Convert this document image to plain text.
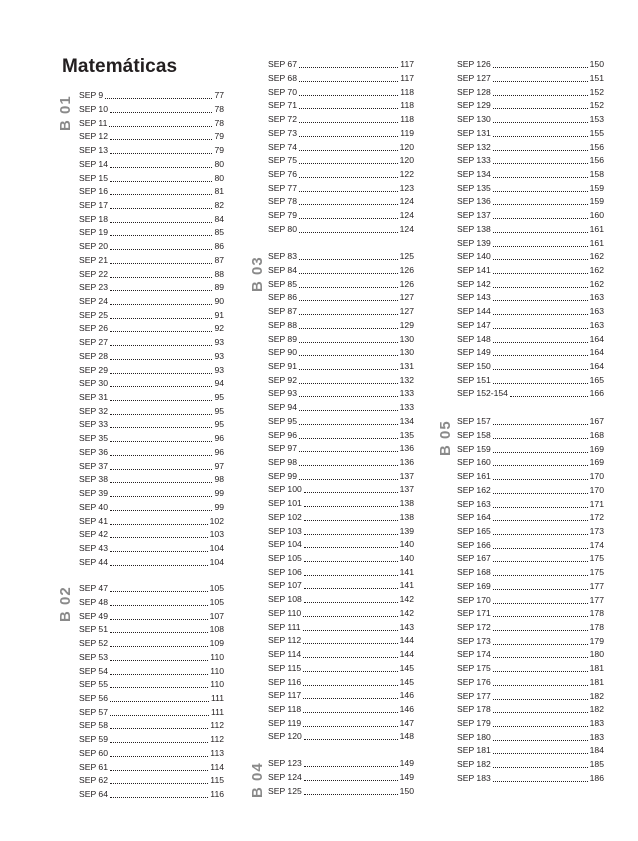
Matemáticas
SEP 9	77
SEP 10	78
SEP 11	78
SEP 12	79
SEP 13	79
SEP 14	80
SEP 15	80
SEP 16	81
SEP 17	82
SEP 18	84
SEP 19	85
SEP 20	86
SEP 21	87
SEP 22	88
SEP 23	89
SEP 24	90
SEP 25	91
SEP 26	92
SEP 27	93
SEP 28	93
SEP 29	93
SEP 30	94
SEP 31	95
SEP 32	95
SEP 33	95
SEP 35	96
SEP 36	96
SEP 37	97
SEP 38	98
SEP 39	99
SEP 40	99
SEP 41	102
SEP 42	103
SEP 43	104
SEP 44	104
B 01
SEP 47	105
SEP 48	105
SEP 49	107
SEP 51	108
SEP 52	109
SEP 53	110
SEP 54	110
SEP 55	110
SEP 56	111
SEP 57	111
SEP 58	112
SEP 59	112
SEP 60	113
SEP 61	114
SEP 62	115
SEP 64	116
B 02
SEP 67	117
SEP 68	117
SEP 70	118
SEP 71	118
SEP 72	118
SEP 73	119
SEP 74	120
SEP 75	120
SEP 76	122
SEP 77	123
SEP 78	124
SEP 79	124
SEP 80	124
SEP 83	125
SEP 84	126
SEP 85	126
SEP 86	127
SEP 87	127
SEP 88	129
SEP 89	130
SEP 90	130
SEP 91	131
SEP 92	132
SEP 93	133
SEP 94	133
SEP 95	134
SEP 96	135
SEP 97	136
SEP 98	136
SEP 99	137
SEP 100	137
SEP 101	138
SEP 102	138
SEP 103	139
SEP 104	140
SEP 105	140
SEP 106	141
SEP 107	141
SEP 108	142
SEP 110	142
SEP 111	143
SEP 112	144
SEP 114	144
SEP 115	145
SEP 116	145
SEP 117	146
SEP 118	146
SEP 119	147
SEP 120	148
B 03
SEP 123	149
SEP 124	149
SEP 125	150
B 04
SEP 126	150
SEP 127	151
SEP 128	152
SEP 129	152
SEP 130	153
SEP 131	155
SEP 132	156
SEP 133	156
SEP 134	158
SEP 135	159
SEP 136	159
SEP 137	160
SEP 138	161
SEP 139	161
SEP 140	162
SEP 141	162
SEP 142	162
SEP 143	163
SEP 144	163
SEP 147	163
SEP 148	164
SEP 149	164
SEP 150	164
SEP 151	165
SEP 152-154	166
SEP 157	167
SEP 158	168
SEP 159	169
SEP 160	169
SEP 161	170
SEP 162	170
SEP 163	171
SEP 164	172
SEP 165	173
SEP 166	174
SEP 167	175
SEP 168	175
SEP 169	177
SEP 170	177
SEP 171	178
SEP 172	178
SEP 173	179
SEP 174	180
SEP 175	181
SEP 176	181
SEP 177	182
SEP 178	182
SEP 179	183
SEP 180	183
SEP 181	184
SEP 182	185
SEP 183	186
B 05
